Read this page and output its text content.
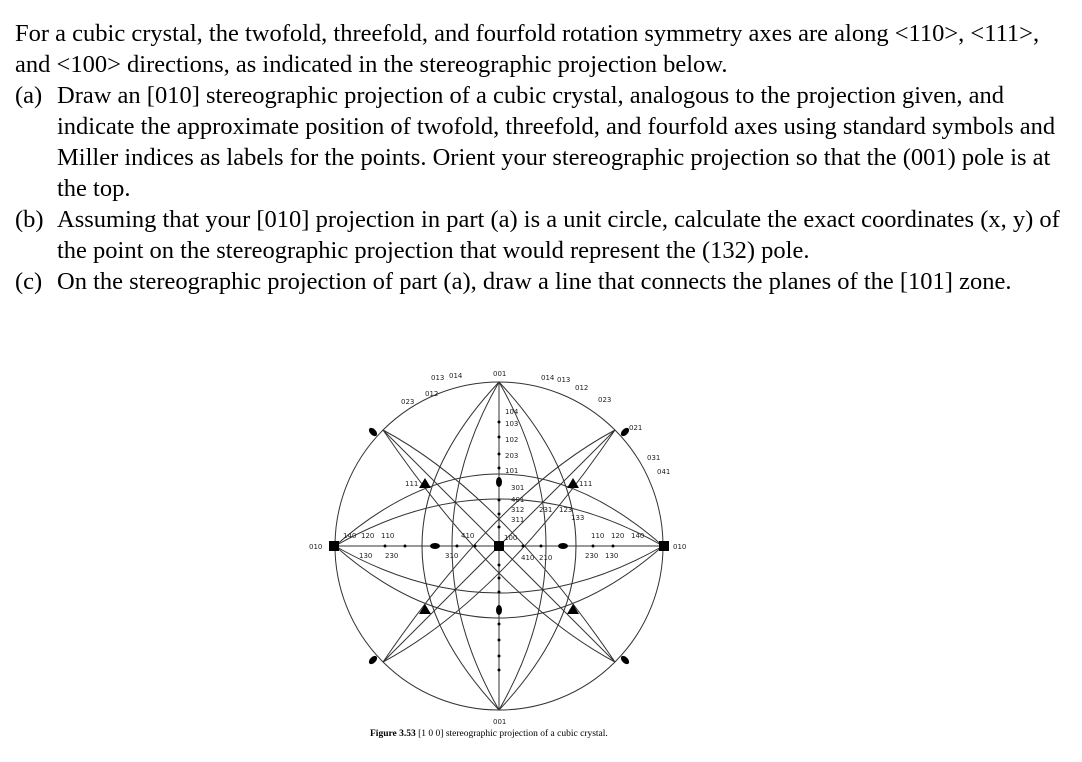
For a cubic crystal, the twofold, threefold, and fourfold rotation symmetry axes are along <110>, <111>, and <100> directions, as indicated in the stereographic projection below.

(a) Draw an [010] stereographic projection of a cubic crystal, analogous to the projection given, and indicate the approximate position of twofold, threefold, and fourfold axes using standard symbols and Miller indices as labels for the points. Orient your stereographic projection so that the (001) pole is at the top.

(b) Assuming that your [010] projection in part (a) is a unit circle, calculate the exact coordinates (x, y) of the point on the stereographic projection that would represent the (132) pole.

(c) On the stereographic projection of part (a), draw a line that connects the planes of the [101] zone.

001
001
010	010
100
013 014	014 013
012
023
012
023
104
103
102
203
101
021
031
041
111
111	301
401
312
311
231 123
133
410 210
110 120 140
230 130
410
310
110
120
140
130 230
Figure 3.53 [1 0 0] stereographic projection of a cubic crystal.
